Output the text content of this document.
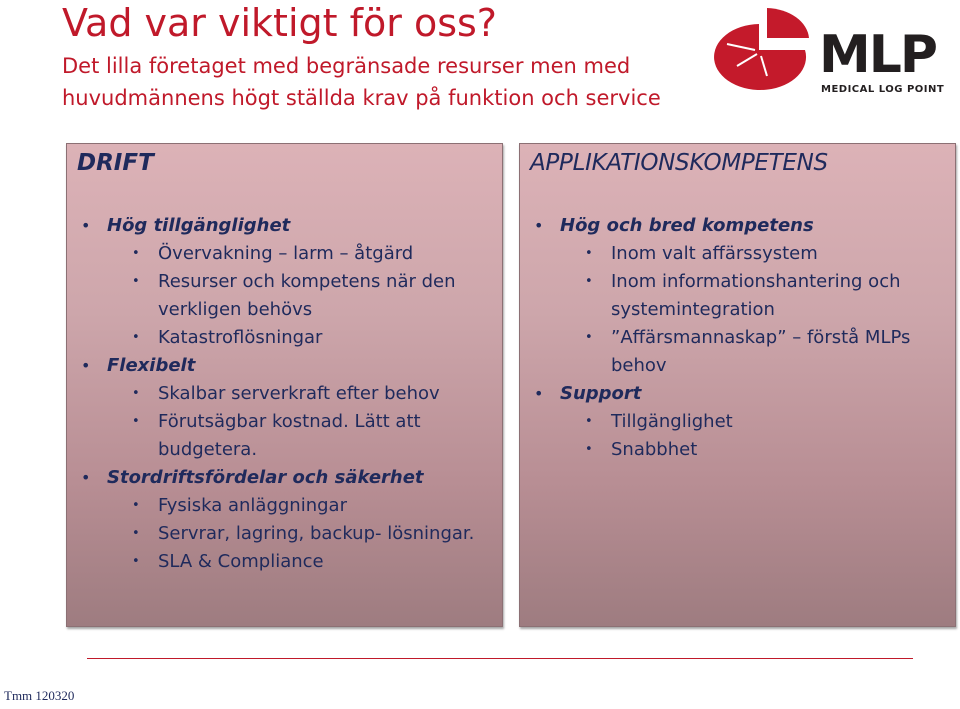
Vad var viktigt för oss?
Det lilla företaget med begränsade resurser men med
huvudmännens högt ställda krav på funktion och service
MLP
MEDICAL LOG POINT
DRIFT
• Hög tillgänglighet
• Övervakning – larm – åtgärd
• Resurser och kompetens när den verkligen behövs
• Katastroflösningar
• Flexibelt
• Skalbar serverkraft efter behov
• Förutsägbar kostnad. Lätt att budgetera.
• Stordriftsfördelar och säkerhet
• Fysiska anläggningar
• Servrar, lagring, backup- lösningar.
• SLA & Compliance
APPLIKATIONSKOMPETENS
• Hög och bred kompetens
• Inom valt affärssystem
• Inom informationshantering och systemintegration
• ”Affärsmannaskap” – förstå MLPs behov
• Support
• Tillgänglighet
• Snabbhet
Tmm 120320
